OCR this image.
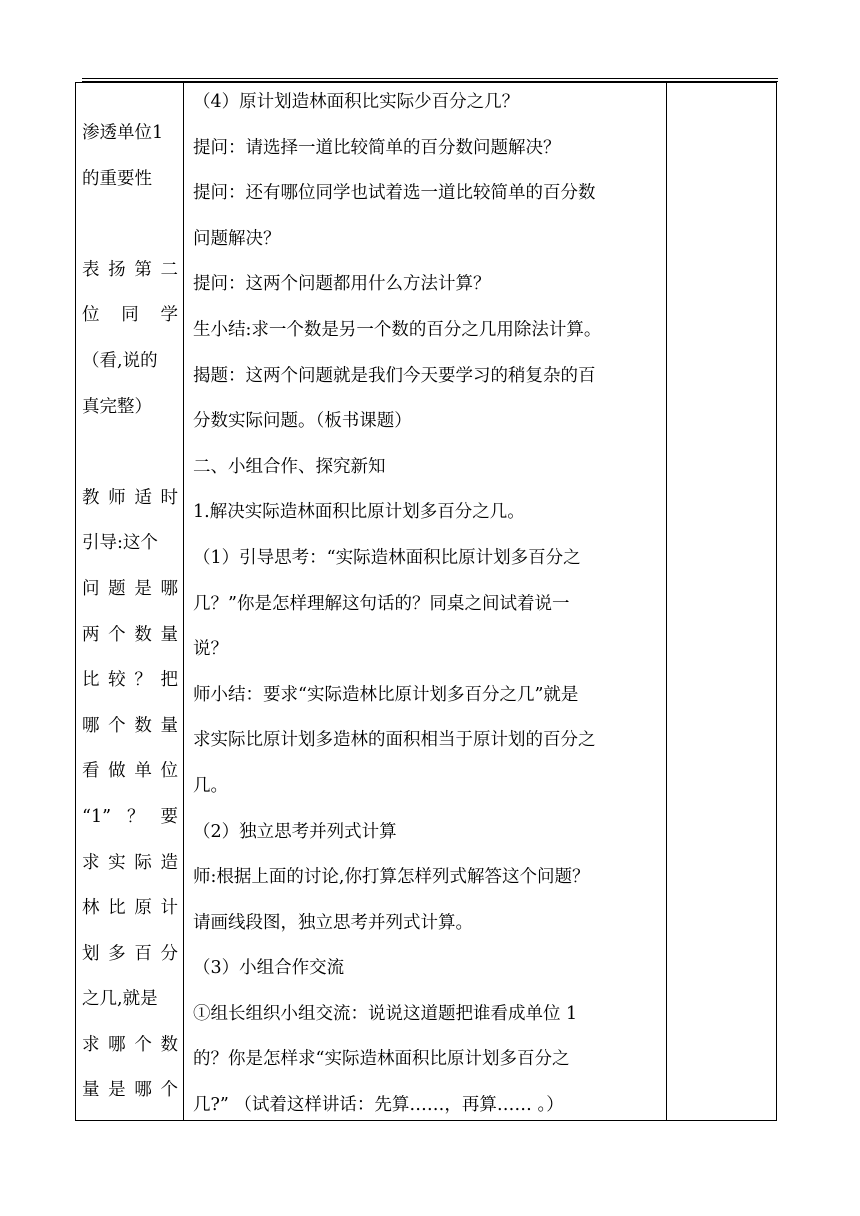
渗透单位1
的重要性
表扬第二
位 同 学
（看,说的
真完整）
教师适时
引导:这个
问题是哪
两个数量
比较？把
哪个数量
看做单位
“1”？要
求实际造
林比原计
划多百分
之几,就是
求哪个数
量是哪个
（4）原计划造林面积比实际少百分之几？
提问：请选择一道比较简单的百分数问题解决？
提问：还有哪位同学也试着选一道比较简单的百分数
问题解决？
提问：这两个问题都用什么方法计算？
生小结:求一个数是另一个数的百分之几用除法计算。
揭题：这两个问题就是我们今天要学习的稍复杂的百
分数实际问题。（板书课题）
二、小组合作、探究新知
1.解决实际造林面积比原计划多百分之几。
（1）引导思考：“实际造林面积比原计划多百分之
几？”你是怎样理解这句话的？同桌之间试着说一
说？
师小结：要求“实际造林比原计划多百分之几”就是
求实际比原计划多造林的面积相当于原计划的百分之
几。
（2）独立思考并列式计算
师:根据上面的讨论,你打算怎样列式解答这个问题？
请画线段图，独立思考并列式计算。
（3）小组合作交流
①组长组织小组交流：说说这道题把谁看成单位 1
的？你是怎样求“实际造林面积比原计划多百分之
几?” （试着这样讲话：先算……，再算…… 。）
